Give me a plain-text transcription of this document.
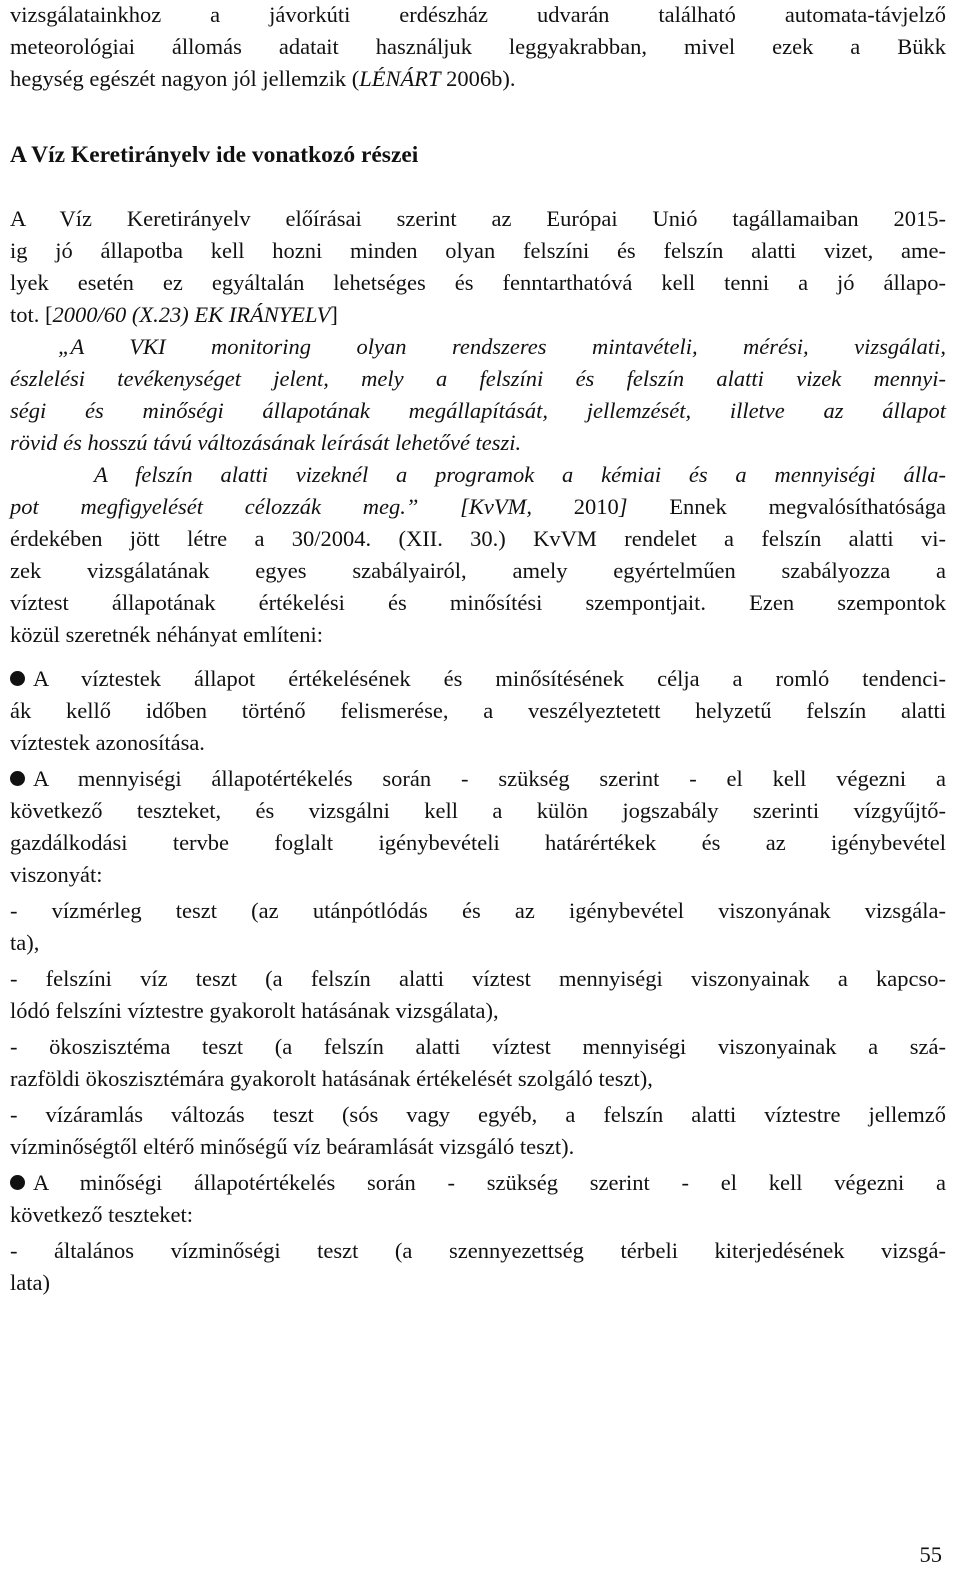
vizsgálatainkhoz a jávorkúti erdészház udvarán található automata-távjelző
meteorológiai állomás adatait használjuk leggyakrabban, mivel ezek a Bükk
hegység egészét nagyon jól jellemzik (LÉNÁRT 2006b).
A Víz Keretirányelv ide vonatkozó részei
A Víz Keretirányelv előírásai szerint az Európai Unió tagállamaiban 2015-
ig jó állapotba kell hozni minden olyan felszíni és felszín alatti vizet, ame-
lyek esetén ez egyáltalán lehetséges és fenntarthatóvá kell tenni a jó állapo-
tot. [2000/60 (X.23) EK IRÁNYELV]
„A VKI monitoring olyan rendszeres mintavételi, mérési, vizsgálati,
észlelési tevékenységet jelent, mely a felszíni és felszín alatti vizek mennyi-
ségi és minőségi állapotának megállapítását, jellemzését, illetve az állapot
rövid és hosszú távú változásának leírását lehetővé teszi.
A felszín alatti vizeknél a programok a kémiai és a mennyiségi álla-
pot megfigyelését célozzák meg.” [KvVM, 2010] Ennek megvalósíthatósága
érdekében jött létre a 30/2004. (XII. 30.) KvVM rendelet a felszín alatti vi-
zek vizsgálatának egyes szabályairól, amely egyértelműen szabályozza a
víztest állapotának értékelési és minősítési szempontjait. Ezen szempontok
közül szeretnék néhányat említeni:
A víztestek állapot értékelésének és minősítésének célja a romló tendenci-
ák kellő időben történő felismerése, a veszélyeztetett helyzetű felszín alatti
víztestek azonosítása.
A mennyiségi állapotértékelés során - szükség szerint - el kell végezni a
következő teszteket, és vizsgálni kell a külön jogszabály szerinti vízgyűjtő-
gazdálkodási tervbe foglalt igénybevételi határértékek és az igénybevétel
viszonyát:
- vízmérleg teszt (az utánpótlódás és az igénybevétel viszonyának vizsgála-
ta),
- felszíni víz teszt (a felszín alatti víztest mennyiségi viszonyainak a kapcso-
lódó felszíni víztestre gyakorolt hatásának vizsgálata),
- ökoszisztéma teszt (a felszín alatti víztest mennyiségi viszonyainak a szá-
razföldi ökoszisztémára gyakorolt hatásának értékelését szolgáló teszt),
- vízáramlás változás teszt (sós vagy egyéb, a felszín alatti víztestre jellemző
vízminőségtől eltérő minőségű víz beáramlását vizsgáló teszt).
A minőségi állapotértékelés során - szükség szerint - el kell végezni a
következő teszteket:
- általános vízminőségi teszt (a szennyezettség térbeli kiterjedésének vizsgá-
lata)
55
